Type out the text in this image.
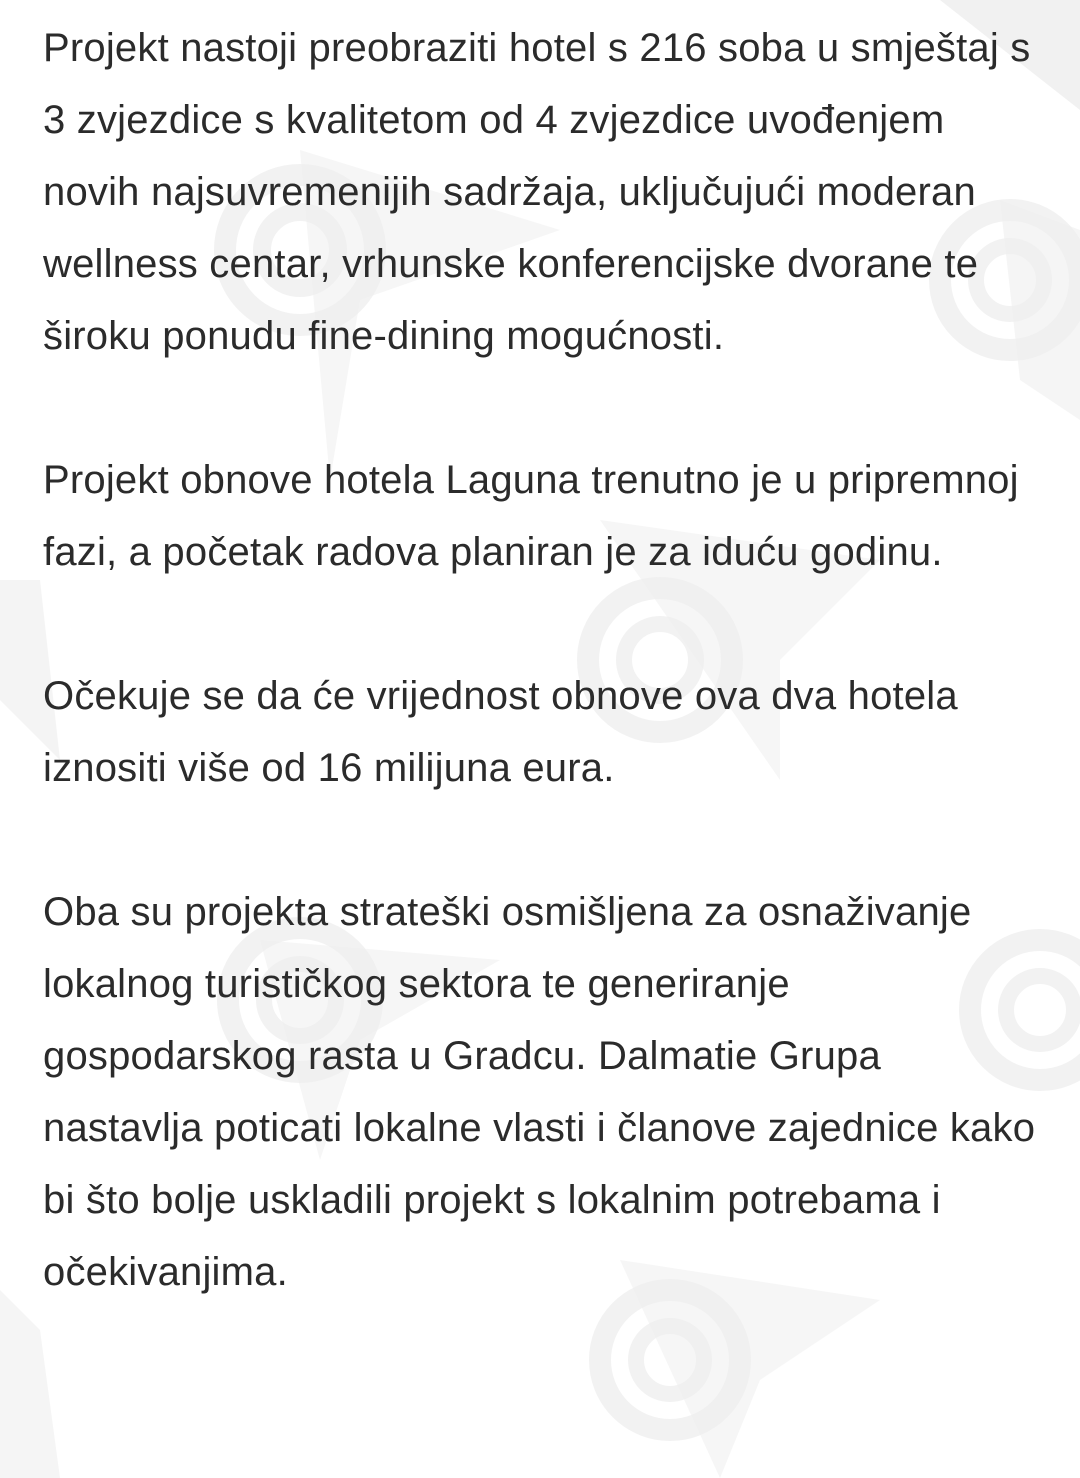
Projekt nastoji preobraziti hotel s 216 soba u smještaj s 3 zvjezdice s kvalitetom od 4 zvjezdice uvođenjem novih najsuvremenijih sadržaja, uključujući moderan wellness centar, vrhunske konferencijske dvorane te široku ponudu fine-dining mogućnosti.

Projekt obnove hotela Laguna trenutno je u pripremnoj fazi, a početak radova planiran je za iduću godinu.

Očekuje se da će vrijednost obnove ova dva hotela iznositi više od 16 milijuna eura.

Oba su projekta strateški osmišljena za osnaživanje lokalnog turističkog sektora te generiranje gospodarskog rasta u Gradcu. Dalmatie Grupa nastavlja poticati lokalne vlasti i članove zajednice kako bi što bolje uskladili projekt s lokalnim potrebama i očekivanjima.
